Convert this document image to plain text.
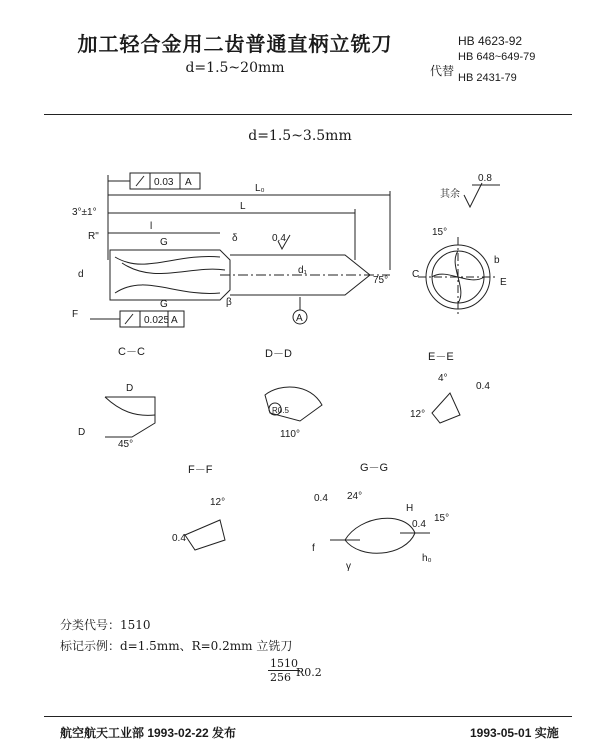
加工轻合金用二齿普通直柄立铣刀
d=1.5~20mm
HB 4623-92
HB 648~649-79
代替 HB 2431-79
d=1.5~3.5mm
0.03 A
0.025 A	A
3°±1°
R"
l
L
L₀
d	d₁
G
G
F
δ
β
0.4
75°
C
E
b
15°
其余
0.8
C－C	D－D	E－E
F－F	G－G
D
D
45°
R0.5
110°
4°
0.4
12°
12°
0.4
0.4 24°
H
0.4
15°
h₀
γ
f
分类代号：1510
标记示例：d=1.5mm、R=0.2mm 立铣刀
$\frac{1510}{256}$
R0.2
航空航天工业部 1993-02-22 发布	1993-05-01 实施
